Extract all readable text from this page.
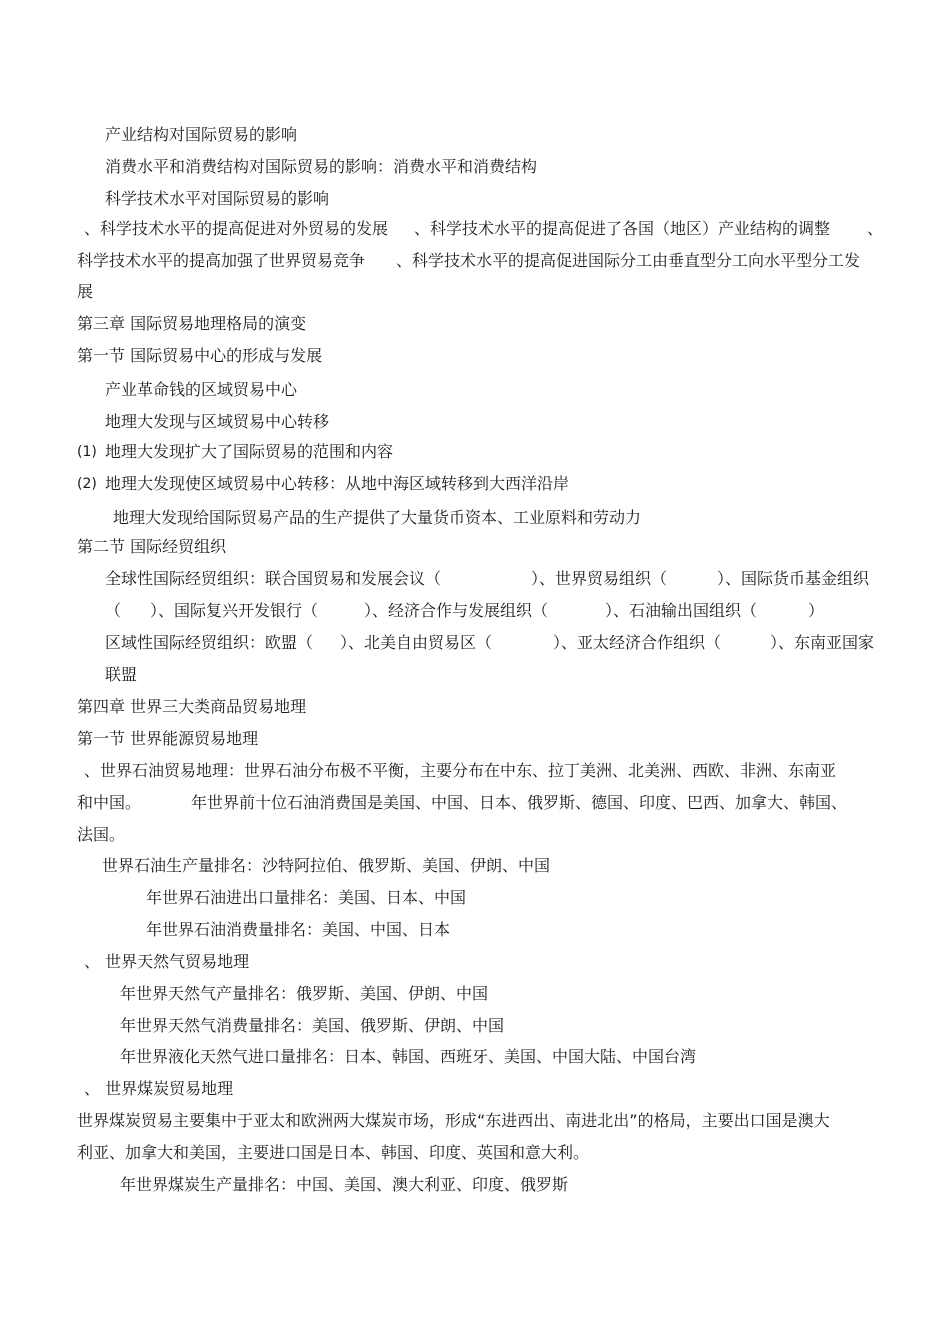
产业结构对国际贸易的影响
消费水平和消费结构对国际贸易的影响：消费水平和消费结构
科学技术水平对国际贸易的影响
、科学技术水平的提高促进对外贸易的发展 、科学技术水平的提高促进了各国（地区）产业结构的调整 、
科学技术水平的提高加强了世界贸易竞争 、科学技术水平的提高促进国际分工由垂直型分工向水平型分工发
展
第三章 国际贸易地理格局的演变
第一节 国际贸易中心的形成与发展
产业革命钱的区域贸易中心
地理大发现与区域贸易中心转移
(1) 地理大发现扩大了国际贸易的范围和内容
(2) 地理大发现使区域贸易中心转移：从地中海区域转移到大西洋沿岸
地理大发现给国际贸易产品的生产提供了大量货币资本、工业原料和劳动力
第二节 国际经贸组织
全球性国际经贸组织：联合国贸易和发展会议（	）、世界贸易组织（	）、国际货币基金组织
（ ）、国际复兴开发银行（	）、经济合作与发展组织（	）、石油输出国组织（	）
区域性国际经贸组织：欧盟（ ）、北美自由贸易区（	）、亚太经济合作组织（	）、东南亚国家
联盟
第四章 世界三大类商品贸易地理
第一节 世界能源贸易地理
、世界石油贸易地理：世界石油分布极不平衡，主要分布在中东、拉丁美洲、北美洲、西欧、非洲、东南亚
和中国。	年世界前十位石油消费国是美国、中国、日本、俄罗斯、德国、印度、巴西、加拿大、韩国、
法国。
世界石油生产量排名：沙特阿拉伯、俄罗斯、美国、伊朗、中国
年世界石油进出口量排名：美国、日本、中国
年世界石油消费量排名：美国、中国、日本
、 世界天然气贸易地理
年世界天然气产量排名：俄罗斯、美国、伊朗、中国
年世界天然气消费量排名：美国、俄罗斯、伊朗、中国
年世界液化天然气进口量排名：日本、韩国、西班牙、美国、中国大陆、中国台湾
、 世界煤炭贸易地理
世界煤炭贸易主要集中于亚太和欧洲两大煤炭市场，形成“东进西出、南进北出”的格局，主要出口国是澳大
利亚、加拿大和美国，主要进口国是日本、韩国、印度、英国和意大利。
年世界煤炭生产量排名：中国、美国、澳大利亚、印度、俄罗斯
